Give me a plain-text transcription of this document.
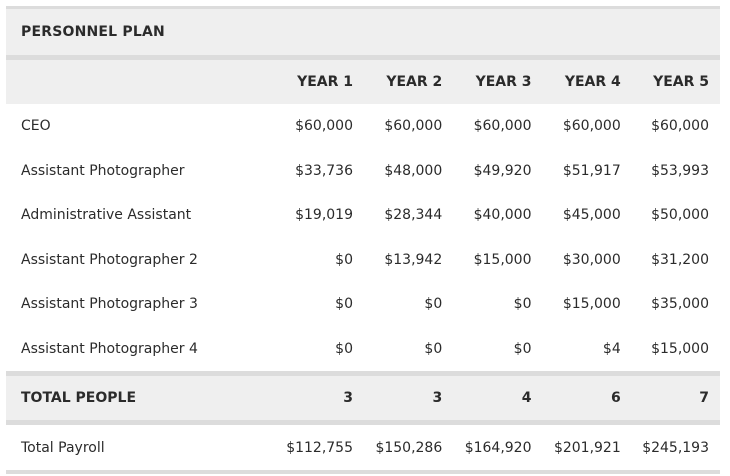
PERSONNEL PLAN
	YEAR 1	YEAR 2	YEAR 3	YEAR 4	YEAR 5
CEO	$60,000	$60,000	$60,000	$60,000	$60,000
Assistant Photographer	$33,736	$48,000	$49,920	$51,917	$53,993
Administrative Assistant	$19,019	$28,344	$40,000	$45,000	$50,000
Assistant Photographer 2	$0	$13,942	$15,000	$30,000	$31,200
Assistant Photographer 3	$0	$0	$0	$15,000	$35,000
Assistant Photographer 4	$0	$0	$0	$4	$15,000

TOTAL PEOPLE	3	3	4	6	7

Total Payroll	$112,755	$150,286	$164,920	$201,921	$245,193
